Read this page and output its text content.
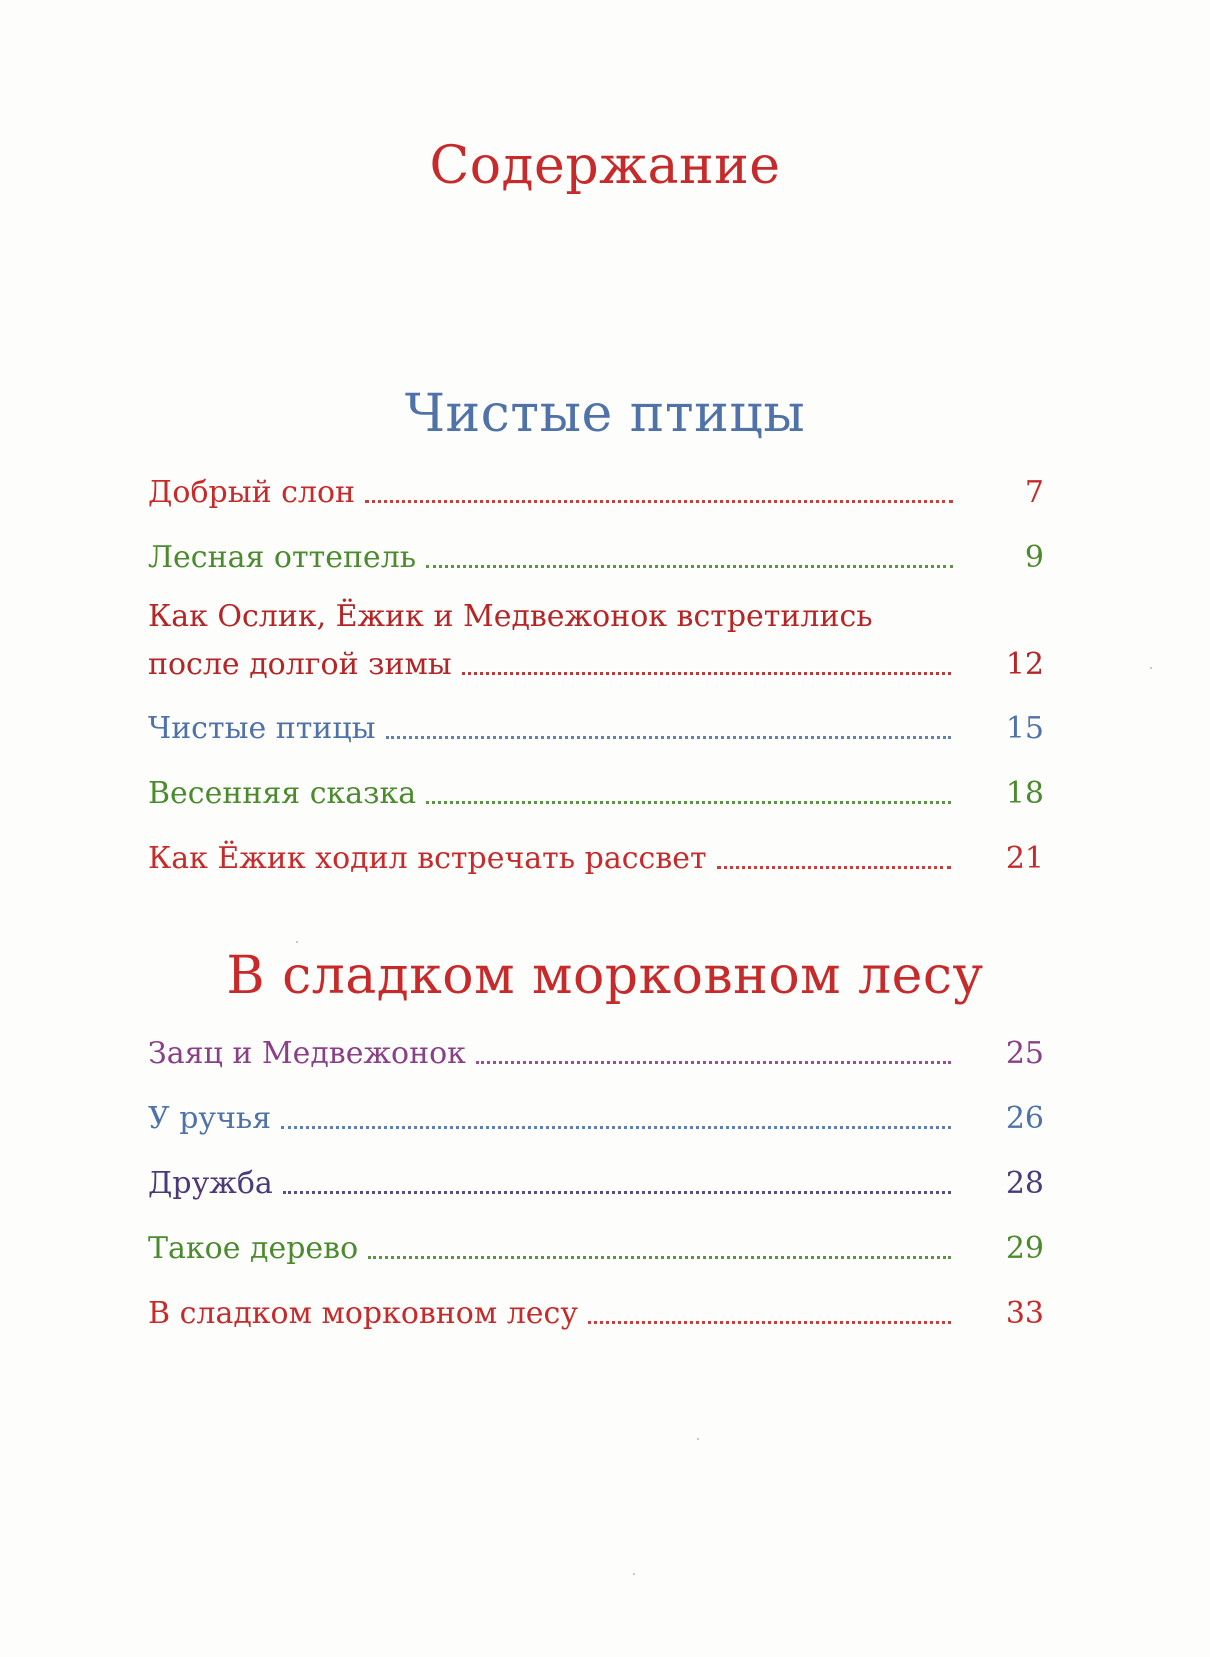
Содержание
Чистые птицы
Добрый слон	7
Лесная оттепель	9
Как Ослик, Ёжик и Медвежонок встретились
после долгой зимы	12
Чистые птицы	15
Весенняя сказка	18
Как Ёжик ходил встречать рассвет	21
В сладком морковном лесу
Заяц и Медвежонок	25
У ручья	26
Дружба	28
Такое дерево	29
В сладком морковном лесу	33
